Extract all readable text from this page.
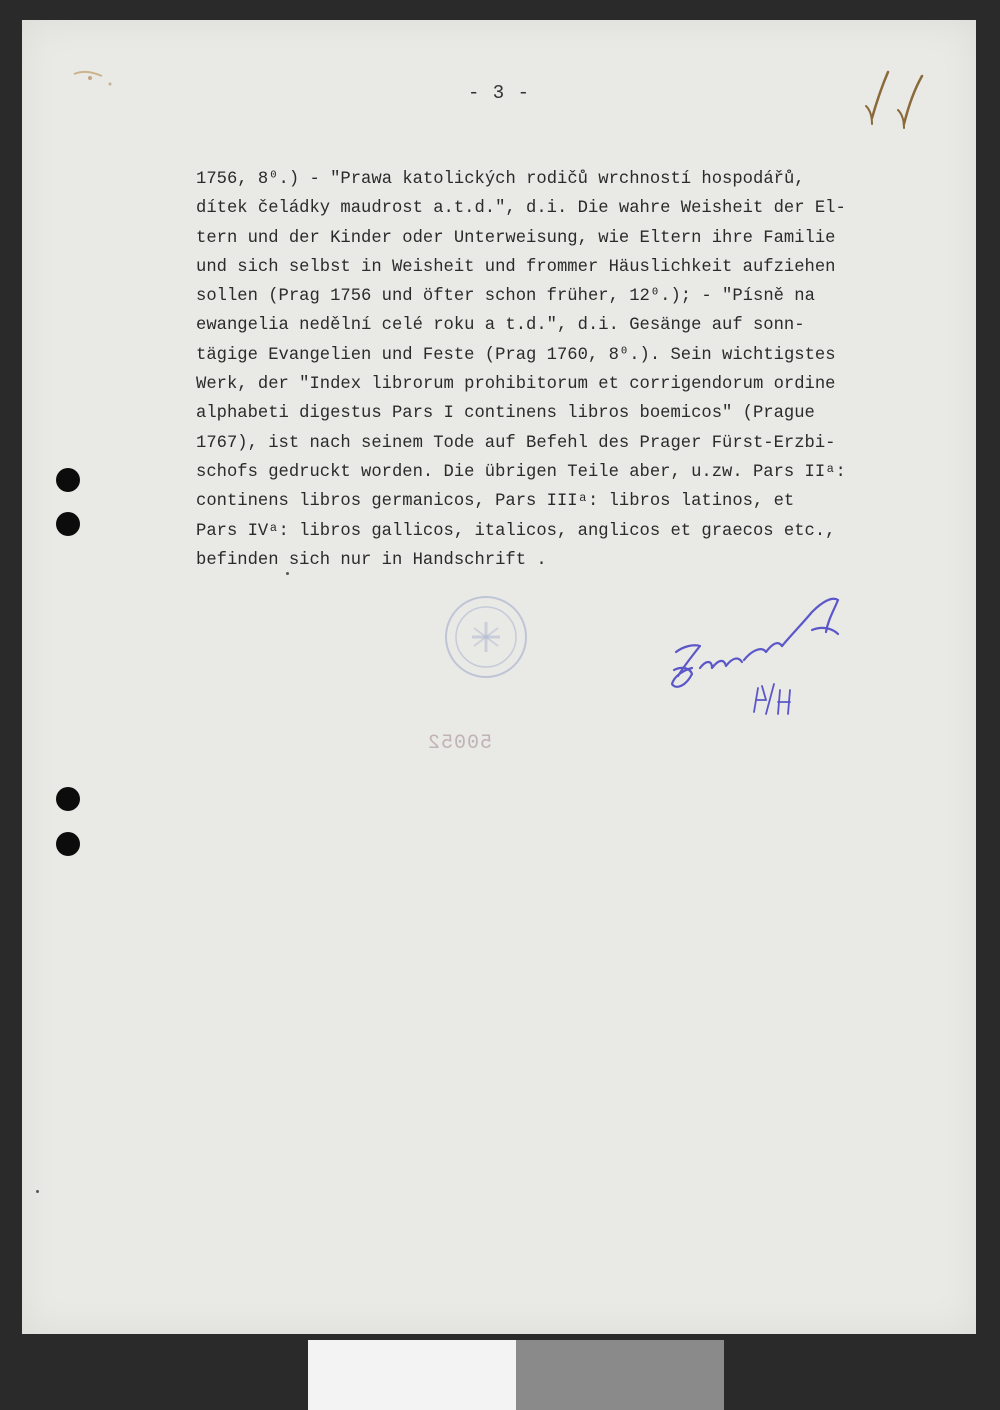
- 3 -
1756, 8⁰.) - "Prawa katolických rodičů wrchností hospodářů,
dítek čeládky maudrost a.t.d.", d.i. Die wahre Weisheit der El-
tern und der Kinder oder Unterweisung, wie Eltern ihre Familie
und sich selbst in Weisheit und frommer Häuslichkeit aufziehen
sollen (Prag 1756 und öfter schon früher, 12⁰.); - "Písně na
ewangelia nedělní celé roku a t.d.", d.i. Gesänge auf sonn-
tägige Evangelien und Feste (Prag 1760, 8⁰.). Sein wichtigstes
Werk, der "Index librorum prohibitorum et corrigendorum ordine
alphabeti digestus Pars I continens libros boemicos" (Prague
1767), ist nach seinem Tode auf Befehl des Prager Fürst-Erzbi-
schofs gedruckt worden. Die übrigen Teile aber, u.zw. Pars IIᵃ:
continens libros germanicos, Pars IIIᵃ: libros latinos, et
Pars IVᵃ: libros gallicos, italicos, anglicos et graecos etc.,
befinden sich nur in Handschrift .
50052
